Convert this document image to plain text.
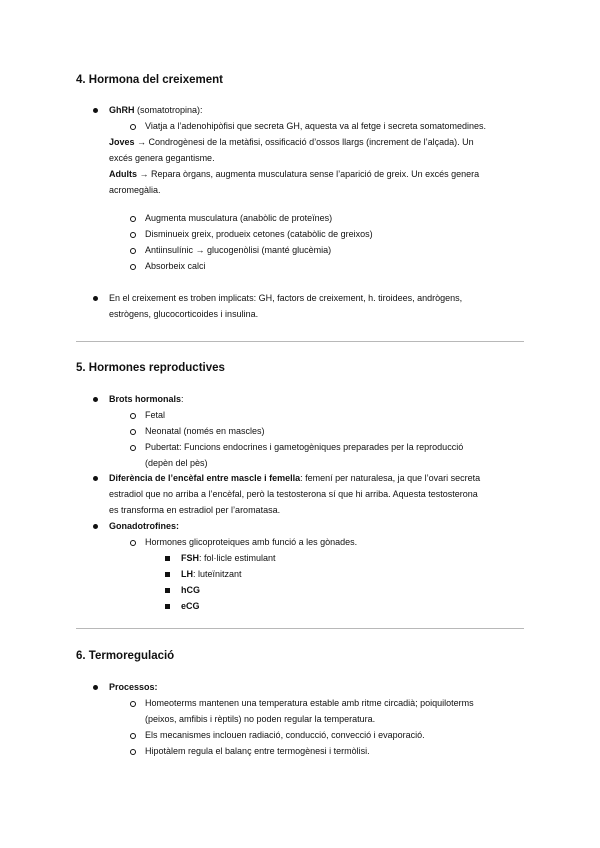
4. Hormona del creixement
GhRH (somatotropina):
Viatja a l’adenohipòfisi que secreta GH, aquesta va al fetge i secreta somatomedines.
Joves → Condrogènesi de la metàfisi, ossificació d’ossos llargs (increment de l’alçada). Un
excés genera gegantisme.
Adults → Repara òrgans, augmenta musculatura sense l’aparició de greix. Un excés genera
acromegàlia.
Augmenta musculatura (anabòlic de proteïnes)
Disminueix greix, produeix cetones (catabòlic de greixos)
Antiinsulínic → glucogenòlisi (manté glucèmia)
Absorbeix calci
En el creixement es troben implicats: GH, factors de creixement, h. tiroidees, andrògens,
estrògens, glucocorticoides i insulina.
5. Hormones reproductives
Brots hormonals:
Fetal
Neonatal (només en mascles)
Pubertat: Funcions endocrines i gametogèniques preparades per la reproducció
(depèn del pès)
Diferència de l’encèfal entre mascle i femella: femení per naturalesa, ja que l’ovari secreta
estradiol que no arriba a l’encèfal, però la testosterona sí que hi arriba. Aquesta testosterona
es transforma en estradiol per l’aromatasa.
Gonadotrofines:
Hormones glicoproteiques amb funció a les gònades.
FSH: fol·licle estimulant
LH: luteïnitzant
hCG
eCG
6. Termoregulació
Processos:
Homeoterms mantenen una temperatura estable amb ritme circadià; poiquiloterms
(peixos, amfibis i rèptils) no poden regular la temperatura.
Els mecanismes inclouen radiació, conducció, convecció i evaporació.
Hipotàlem regula el balanç entre termogènesi i termòlisi.
